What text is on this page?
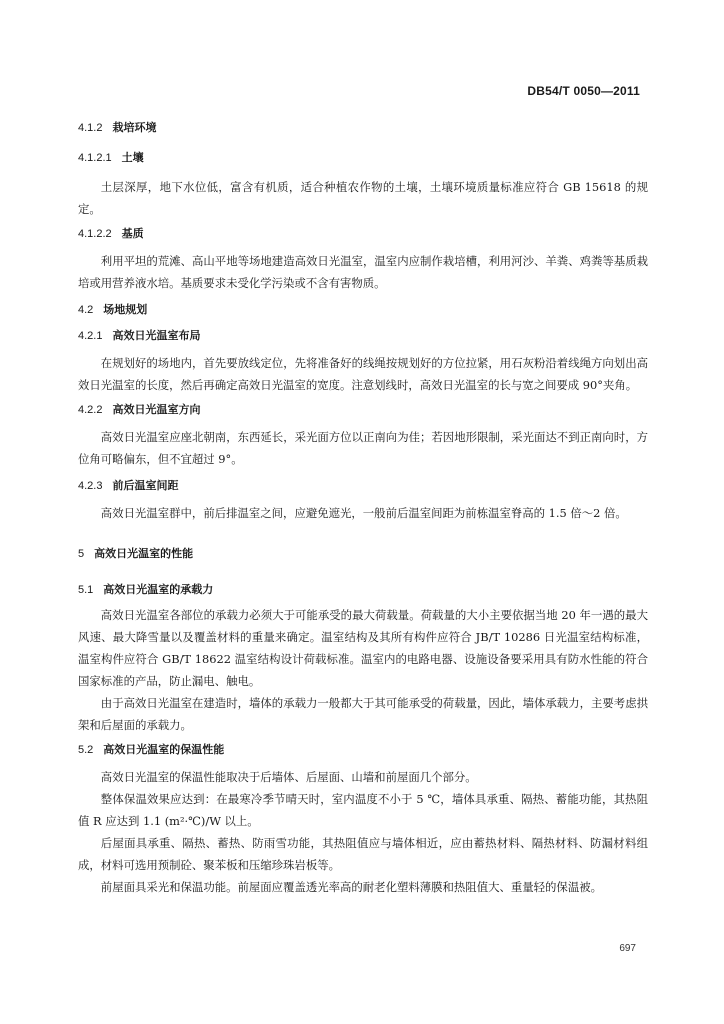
DB54/T 0050—2011
4.1.2 栽培环境
4.1.2.1 土壤

土层深厚，地下水位低，富含有机质，适合种植农作物的土壤，土壤环境质量标准应符合 GB 15618 的规定。

4.1.2.2 基质

利用平坦的荒滩、高山平地等场地建造高效日光温室，温室内应制作栽培槽，利用河沙、羊粪、鸡粪等基质栽培或用营养液水培。基质要求未受化学污染或不含有害物质。

4.2 场地规划
4.2.1 高效日光温室布局

在规划好的场地内，首先要放线定位，先将准备好的线绳按规划好的方位拉紧，用石灰粉沿着线绳方向划出高效日光温室的长度，然后再确定高效日光温室的宽度。注意划线时，高效日光温室的长与宽之间要成 90°夹角。

4.2.2 高效日光温室方向

高效日光温室应座北朝南，东西延长，采光面方位以正南向为佳；若因地形限制，采光面达不到正南向时，方位角可略偏东，但不宜超过 9°。

4.2.3 前后温室间距

高效日光温室群中，前后排温室之间，应避免遮光，一般前后温室间距为前栋温室脊高的 1.5 倍～2 倍。

5 高效日光温室的性能
5.1 高效日光温室的承载力

高效日光温室各部位的承载力必须大于可能承受的最大荷载量。荷载量的大小主要依据当地 20 年一遇的最大风速、最大降雪量以及覆盖材料的重量来确定。温室结构及其所有构件应符合 JB/T 10286 日光温室结构标准，温室构件应符合 GB/T 18622 温室结构设计荷载标准。温室内的电路电器、设施设备要采用具有防水性能的符合国家标准的产品，防止漏电、触电。

由于高效日光温室在建造时，墙体的承载力一般都大于其可能承受的荷载量，因此，墙体承载力，主要考虑拱架和后屋面的承载力。

5.2 高效日光温室的保温性能

高效日光温室的保温性能取决于后墙体、后屋面、山墙和前屋面几个部分。

整体保温效果应达到：在最寒冷季节晴天时，室内温度不小于 5 ℃，墙体具承重、隔热、蓄能功能，其热阻值 R 应达到 1.1 (m²·℃)/W 以上。

后屋面具承重、隔热、蓄热、防雨雪功能，其热阻值应与墙体相近，应由蓄热材料、隔热材料、防漏材料组成，材料可选用预制砼、聚苯板和压缩珍珠岩板等。

前屋面具采光和保温功能。前屋面应覆盖透光率高的耐老化塑料薄膜和热阻值大、重量轻的保温被。

697
